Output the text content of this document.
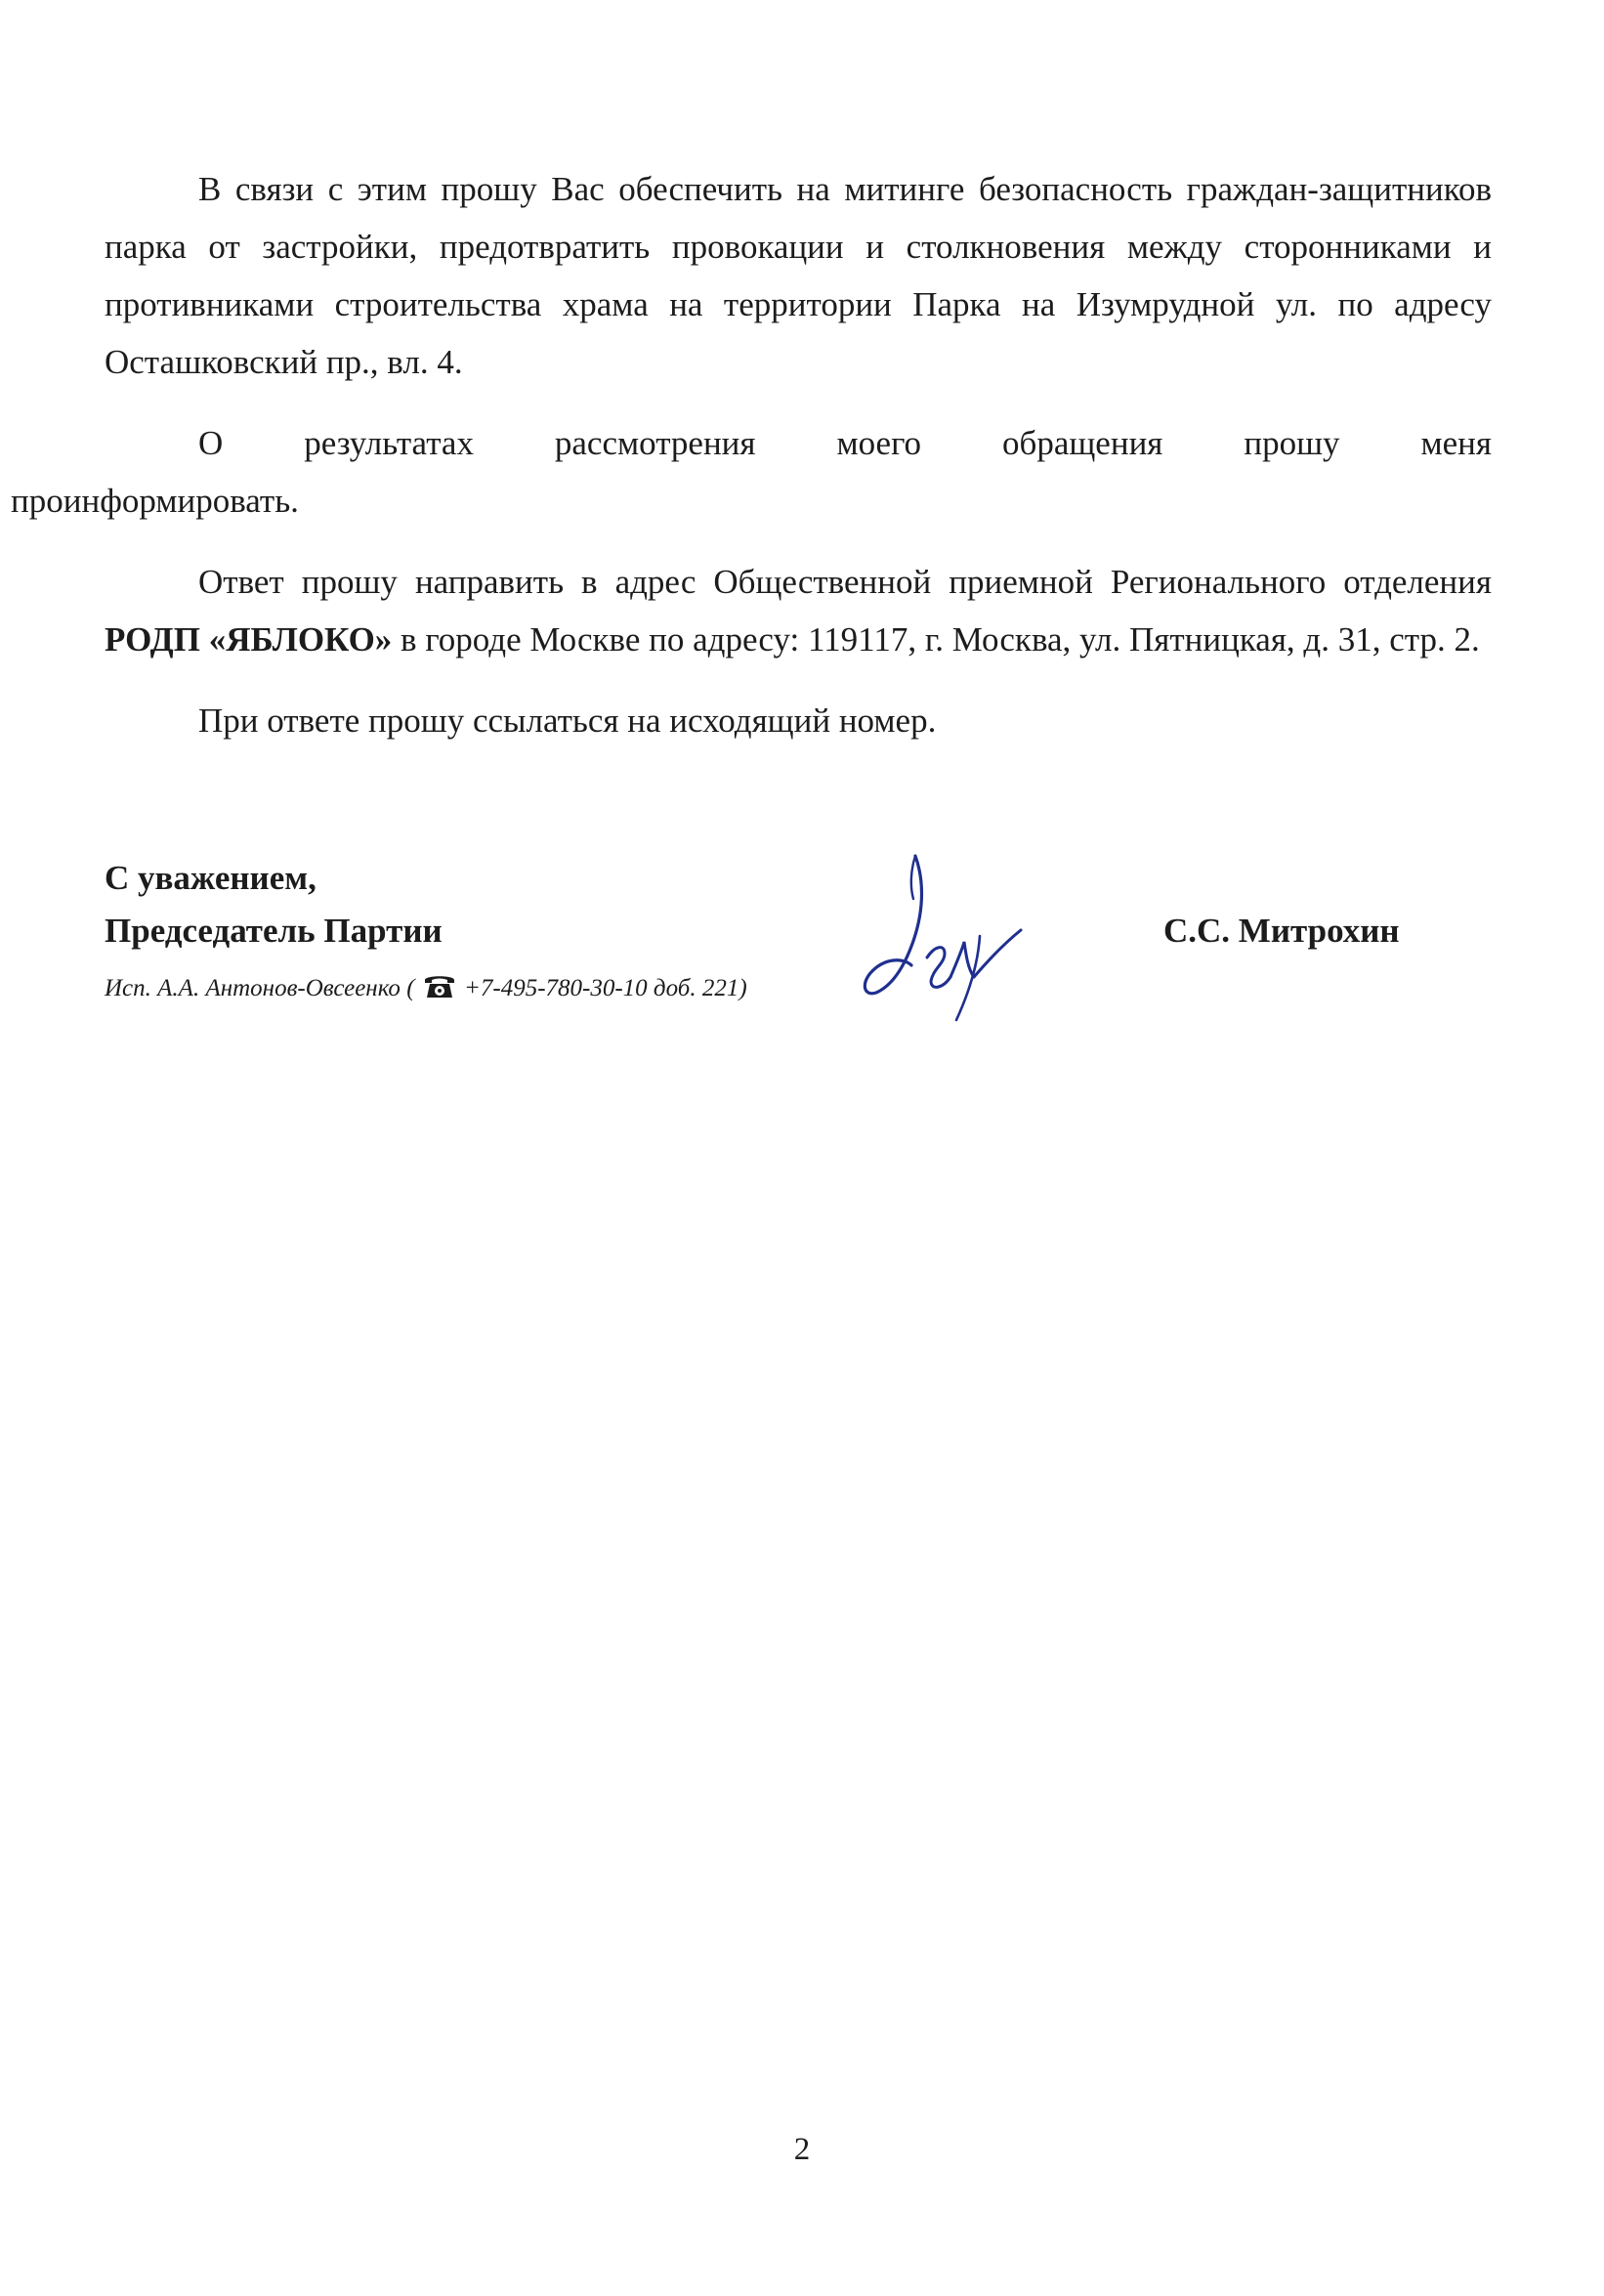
В связи с этим прошу Вас обеспечить на митинге безопасность граждан-защитников парка от застройки, предотвратить провокации и столкновения между сторонниками и противниками строительства храма на территории Парка на Изумрудной ул. по адресу Осташковский пр., вл. 4.

О результатах рассмотрения моего обращения прошу меня
проинформировать.

Ответ прошу направить в адрес Общественной приемной Регионального отделения РОДП «ЯБЛОКО» в городе Москве по адресу: 119117, г. Москва, ул. Пятницкая, д. 31, стр. 2.

При ответе прошу ссылаться на исходящий номер.

С уважением,
Председатель Партии	С.С. Митрохин
Исп. А.А. Антонов-Овсеенко ( +7-495-780-30-10 доб. 221)
2
